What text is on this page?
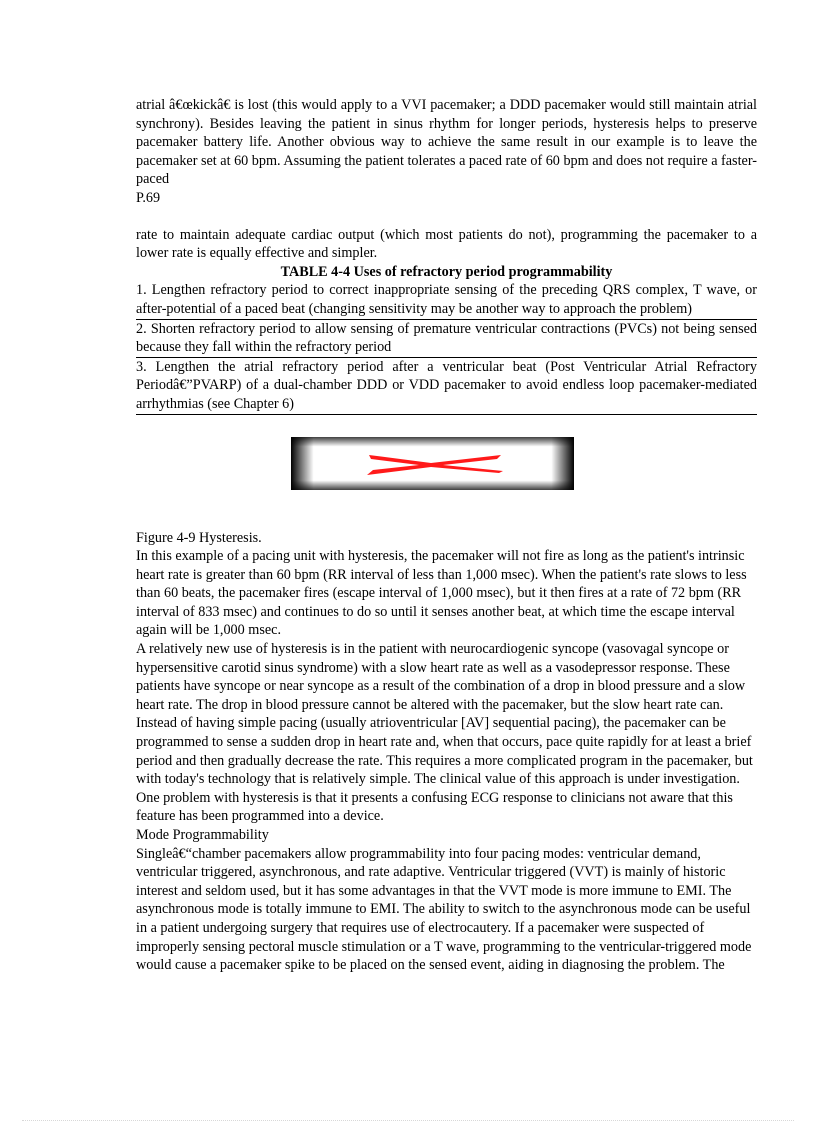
atrial â€œkickâ€ is lost (this would apply to a VVI pacemaker; a DDD pacemaker would still maintain atrial synchrony). Besides leaving the patient in sinus rhythm for longer periods, hysteresis helps to preserve pacemaker battery life. Another obvious way to achieve the same result in our example is to leave the pacemaker set at 60 bpm. Assuming the patient tolerates a paced rate of 60 bpm and does not require a faster-paced

P.69

rate to maintain adequate cardiac output (which most patients do not), programming the pacemaker to a lower rate is equally effective and simpler.

TABLE 4-4 Uses of refractory period programmability

1. Lengthen refractory period to correct inappropriate sensing of the preceding QRS complex, T wave, or after-potential of a paced beat (changing sensitivity may be another way to approach the problem)

2. Shorten refractory period to allow sensing of premature ventricular contractions (PVCs) not being sensed because they fall within the refractory period

3. Lengthen the atrial refractory period after a ventricular beat (Post Ventricular Atrial Refractory Periodâ€”PVARP) of a dual-chamber DDD or VDD pacemaker to avoid endless loop pacemaker-mediated arrhythmias (see Chapter 6)

Figure 4-9 Hysteresis.

In this example of a pacing unit with hysteresis, the pacemaker will not fire as long as the patient's intrinsic heart rate is greater than 60 bpm (RR interval of less than 1,000 msec). When the patient's rate slows to less than 60 beats, the pacemaker fires (escape interval of 1,000 msec), but it then fires at a rate of 72 bpm (RR interval of 833 msec) and continues to do so until it senses another beat, at which time the escape interval again will be 1,000 msec.

A relatively new use of hysteresis is in the patient with neurocardiogenic syncope (vasovagal syncope or hypersensitive carotid sinus syndrome) with a slow heart rate as well as a vasodepressor response. These patients have syncope or near syncope as a result of the combination of a drop in blood pressure and a slow heart rate. The drop in blood pressure cannot be altered with the pacemaker, but the slow heart rate can. Instead of having simple pacing (usually atrioventricular [AV] sequential pacing), the pacemaker can be programmed to sense a sudden drop in heart rate and, when that occurs, pace quite rapidly for at least a brief period and then gradually decrease the rate. This requires a more complicated program in the pacemaker, but with today's technology that is relatively simple. The clinical value of this approach is under investigation.

One problem with hysteresis is that it presents a confusing ECG response to clinicians not aware that this feature has been programmed into a device.

Mode Programmability

Singleâ€“chamber pacemakers allow programmability into four pacing modes: ventricular demand, ventricular triggered, asynchronous, and rate adaptive. Ventricular triggered (VVT) is mainly of historic interest and seldom used, but it has some advantages in that the VVT mode is more immune to EMI. The asynchronous mode is totally immune to EMI. The ability to switch to the asynchronous mode can be useful in a patient undergoing surgery that requires use of electrocautery. If a pacemaker were suspected of improperly sensing pectoral muscle stimulation or a T wave, programming to the ventricular-triggered mode would cause a pacemaker spike to be placed on the sensed event, aiding in diagnosing the problem. The
